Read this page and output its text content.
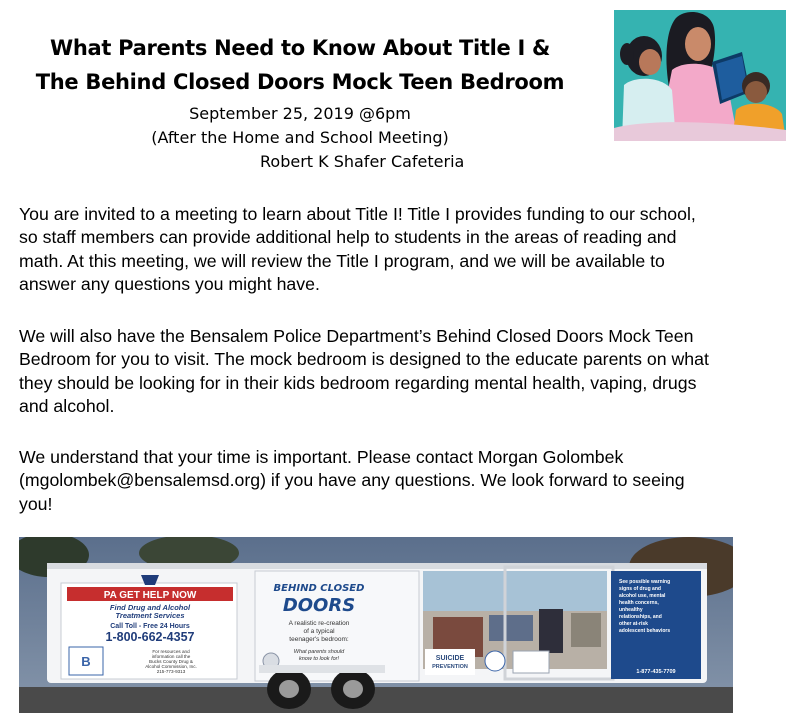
What Parents Need to Know About Title I &
The Behind Closed Doors Mock Teen Bedroom
September 25, 2019 @6pm
(After the Home and School Meeting)
Robert K Shafer Cafeteria

You are invited to a meeting to learn about Title I! Title I provides funding to our school, so staff members can provide additional help to students in the areas of reading and math. At this meeting, we will review the Title I program, and we will be available to answer any questions you might have.

We will also have the Bensalem Police Department’s Behind Closed Doors Mock Teen Bedroom for you to visit. The mock bedroom is designed to the educate parents on what they should be looking for in their kids bedroom regarding mental health, vaping, drugs and alcohol.

We understand that your time is important. Please contact Morgan Golombek (mgolombek@bensalemsd.org) if you have any questions. We look forward to seeing you!

PA GET HELP NOW
Find Drug and Alcohol
Treatment Services
Call Toll - Free 24 Hours
1-800-662-4357
B
For resources and
information call the
Bucks County Drug &
Alcohol Commission, Inc.
215-773-9313
BEHIND CLOSED
DOORS
A realistic re-creation
of a typical
teenager's bedroom:
What parents should
know to look for!	SUICIDE
PREVENTION
See possible warning
signs of drug and
alcohol use, mental
health concerns,
unhealthy
relationships, and
other at-risk
adolescent behaviors
1-877-435-7709
